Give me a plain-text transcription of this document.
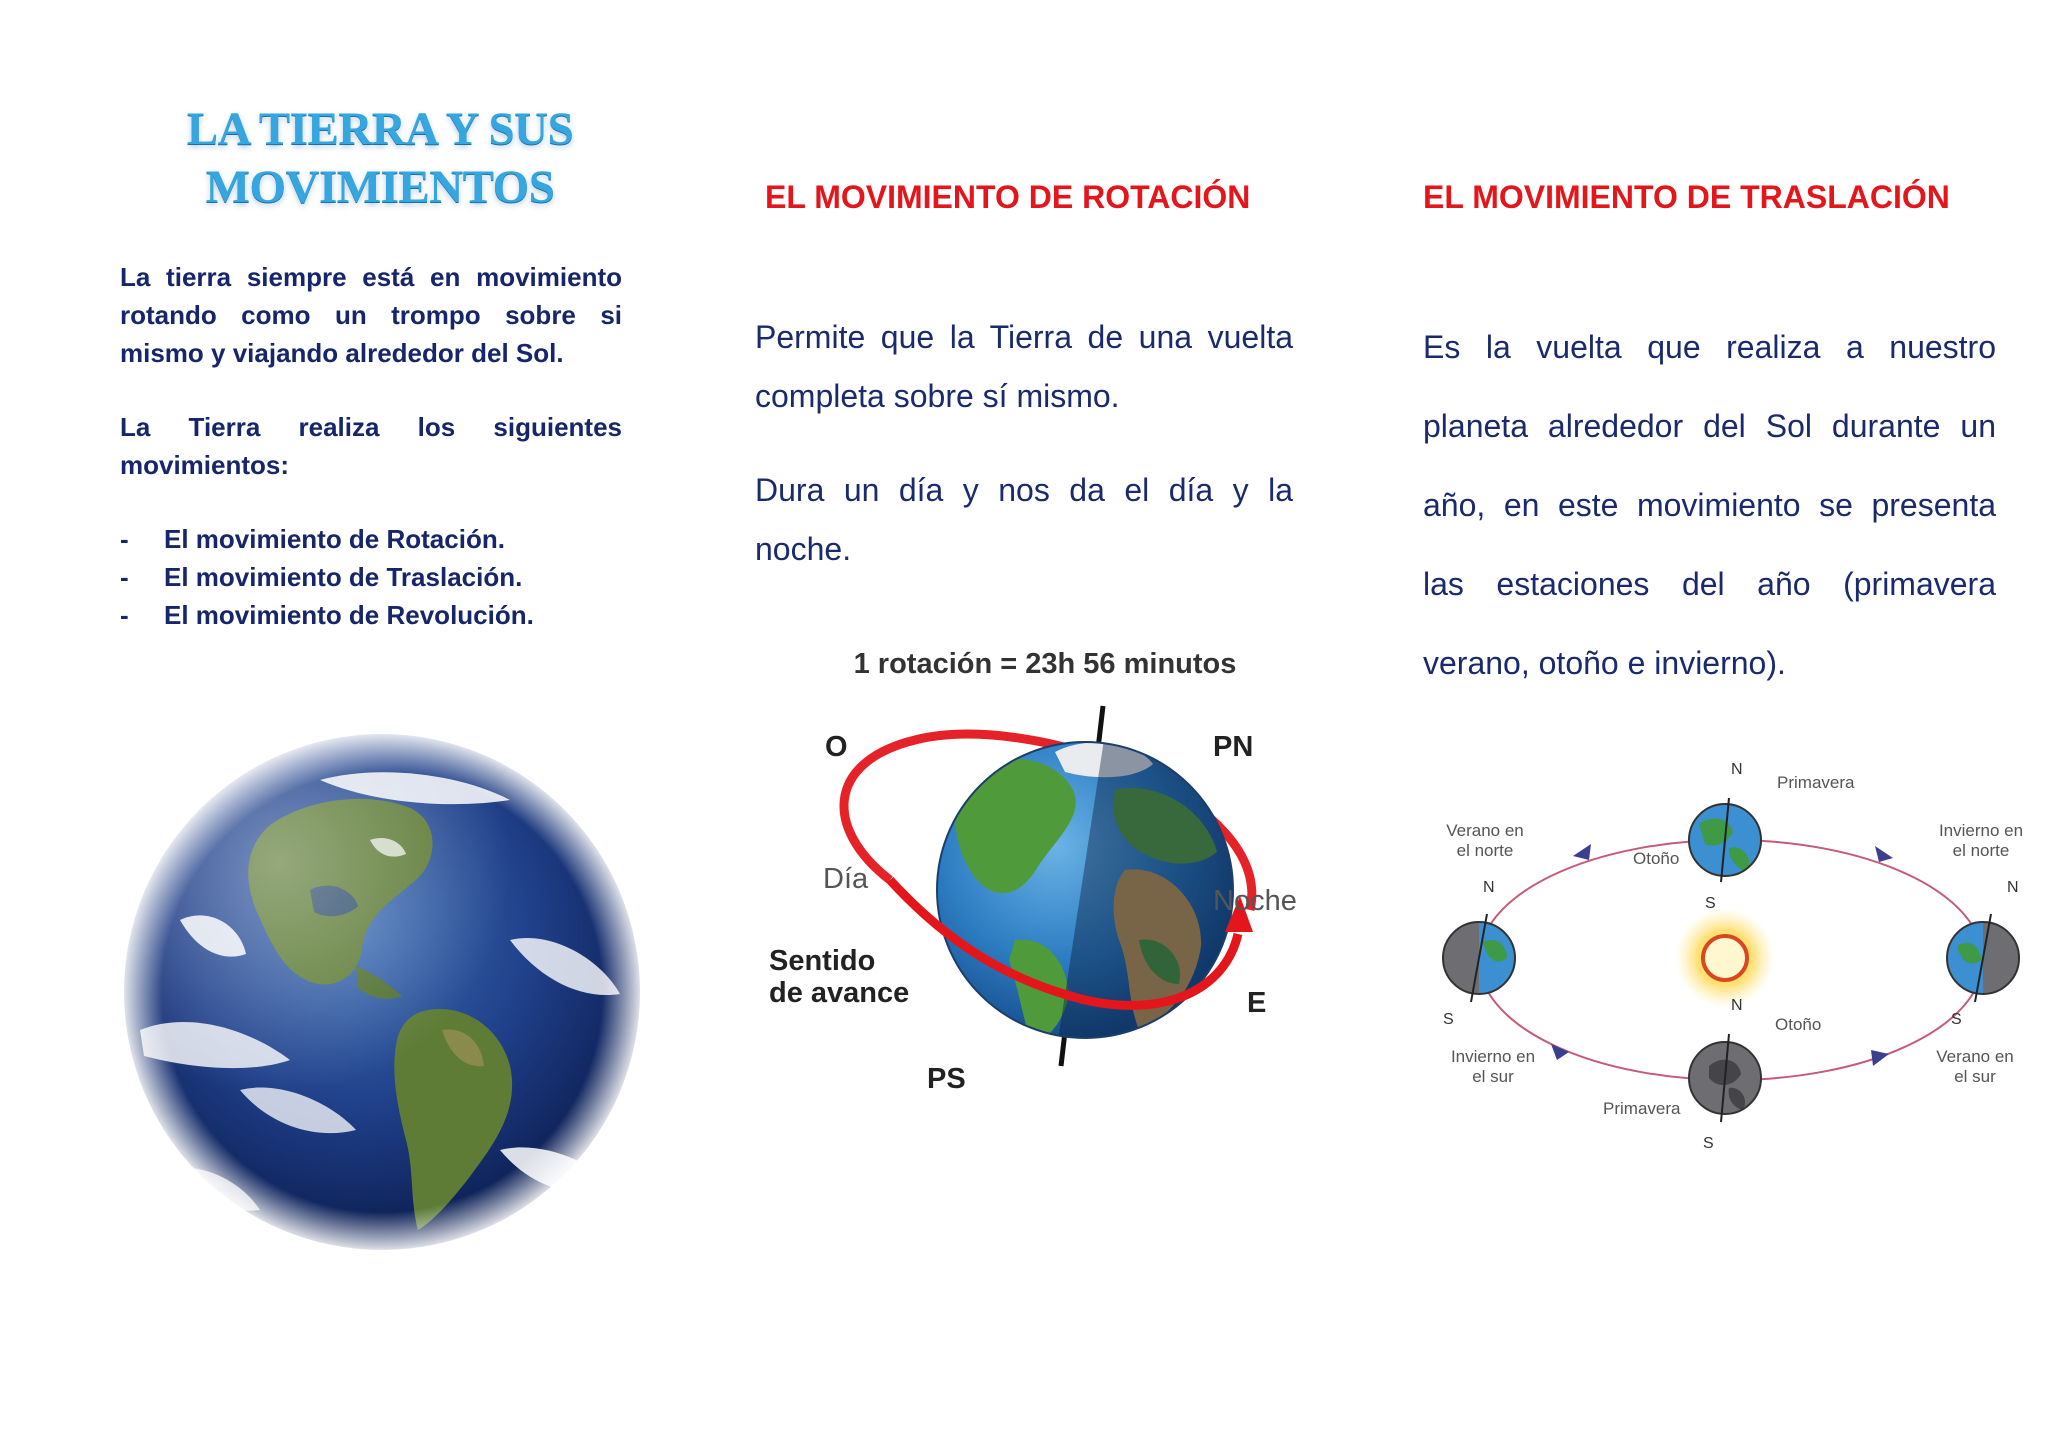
LA TIERRA Y SUS
MOVIMIENTOS

La tierra siempre está en movimiento rotando como un trompo sobre si mismo y viajando alrededor del Sol.

La Tierra realiza los siguientes movimientos:

- El movimiento de Rotación.
- El movimiento de Traslación.
- El movimiento de Revolución.
EL MOVIMIENTO DE ROTACIÓN

Permite que la Tierra de una vuelta completa sobre sí mismo.

Dura un día y nos da el día y la noche.

1 rotación = 23h 56 minutos
O	PN
Día
Noche
Sentido
de avance	E
PS
EL MOVIMIENTO DE TRASLACIÓN

Es la vuelta que realiza a nuestro planeta alrededor del Sol durante un año, en este movimiento se presenta las estaciones del año (primavera verano, otoño e invierno).

N
S
N
S
N
S
N
S
Primavera
Otoño
Otoño
Primavera
Verano en
el norte
Invierno en
el norte
Invierno en
el sur
Verano en
el sur
